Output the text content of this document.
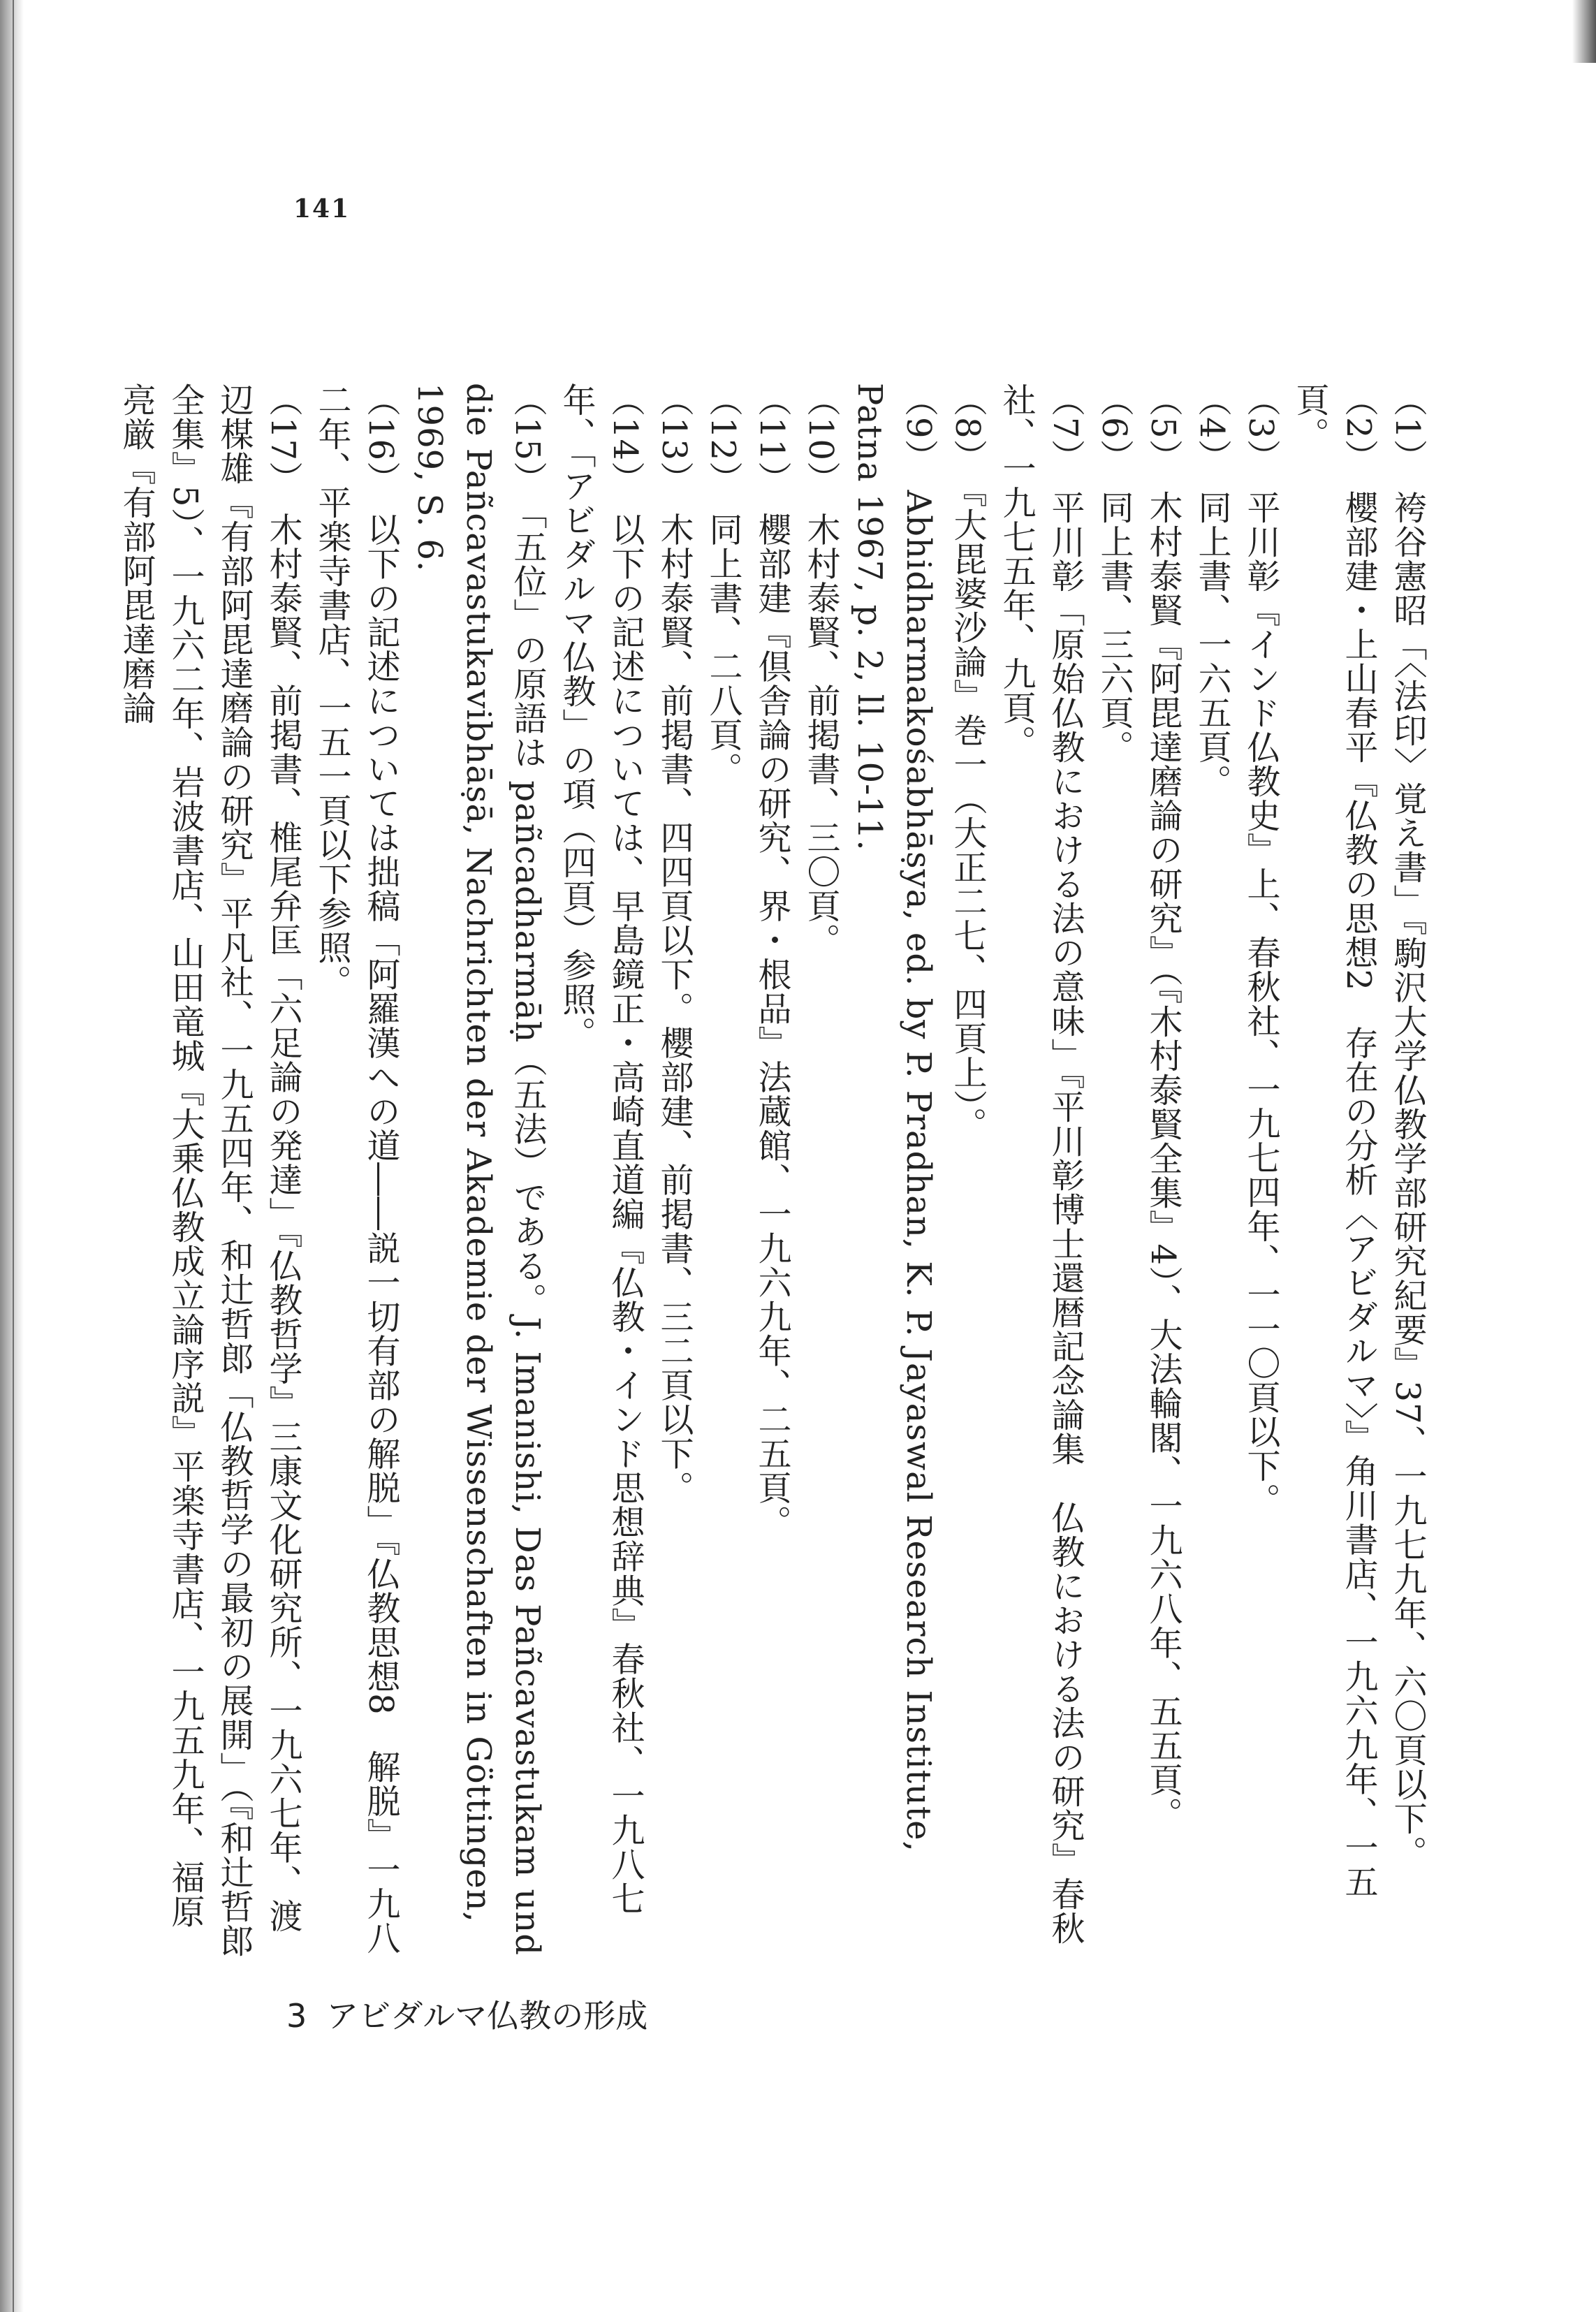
141
（1）袴谷憲昭「〈法印〉覚え書」『駒沢大学仏教学部研究紀要』37、一九七九年、六〇頁以下。
（2）櫻部建・上山春平『仏教の思想2　存在の分析〈アビダルマ〉』角川書店、一九六九年、一五頁。
（3）平川彰『インド仏教史』上、春秋社、一九七四年、一一〇頁以下。
（4）同上書、一六五頁。
（5）木村泰賢『阿毘達磨論の研究』（『木村泰賢全集』4）、大法輪閣、一九六八年、五五頁。
（6）同上書、三六頁。
（7）平川彰「原始仏教における法の意味」『平川彰博士還暦記念論集　仏教における法の研究』春秋社、一九七五年、九頁。
（8）『大毘婆沙論』巻一（大正二七、四頁上）。
（9）Abhidharmakośabhāṣya, ed. by P. Pradhan, K. P. Jayaswal Research Institute, Patna 1967, p. 2, ll. 10-11.
（10）木村泰賢、前掲書、三〇頁。
（11）櫻部建『倶舎論の研究、界・根品』法蔵館、一九六九年、二五頁。
（12）同上書、二八頁。
（13）木村泰賢、前掲書、四四頁以下。櫻部建、前掲書、三二頁以下。
（14）以下の記述については、早島鏡正・高崎直道編『仏教・インド思想辞典』春秋社、一九八七年、「アビダルマ仏教」の項（四頁）参照。
（15）「五位」の原語は pañcadharmāḥ（五法）である。J. Imanishi, Das Pañcavastukam und die Pañcavastukavibhāṣā, Nachrichten der Akademie der Wissenschaften in Göttingen, 1969, S. 6.
（16）以下の記述については拙稿「阿羅漢への道――説一切有部の解脱」『仏教思想8　解脱』一九八二年、平楽寺書店、一五一頁以下参照。
（17）木村泰賢、前掲書、椎尾弁匡「六足論の発達」『仏教哲学』三康文化研究所、一九六七年、渡辺楳雄『有部阿毘達磨論の研究』平凡社、一九五四年、和辻哲郎「仏教哲学の最初の展開」（『和辻哲郎全集』5）、一九六二年、岩波書店、山田竜城『大乗仏教成立論序説』平楽寺書店、一九五九年、福原亮厳『有部阿毘達磨論
3 アビダルマ仏教の形成
